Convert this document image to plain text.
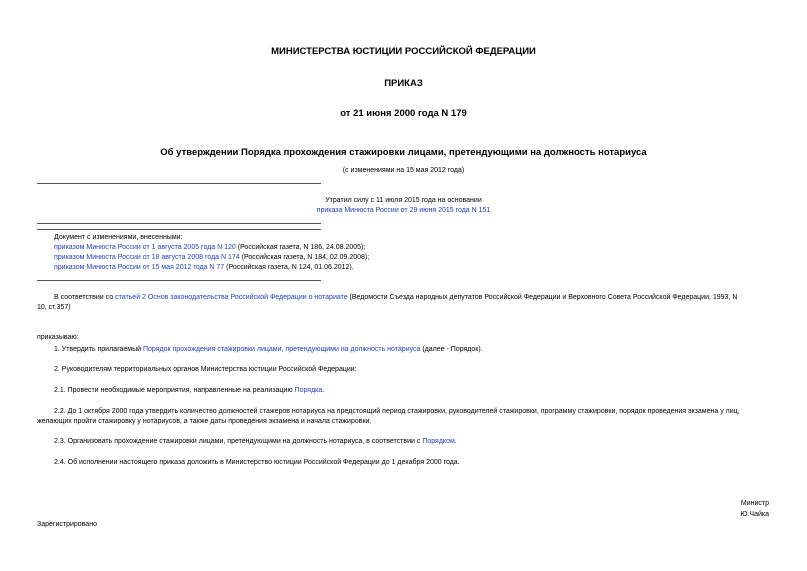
МИНИСТЕРСТВА ЮСТИЦИИ РОССИЙСКОЙ ФЕДЕРАЦИИ
ПРИКАЗ
от 21 июня 2000 года N 179
Об утверждении Порядка прохождения стажировки лицами, претендующими на должность нотариуса
(с изменениями на 15 мая 2012 года)
Утратил силу с 11 июля 2015 года на основании
приказа Минюста России от 29 июня 2015 года N 151
Документ с изменениями, внесенными:
приказом Минюста России от 1 августа 2005 года N 120 (Российская газета, N 186, 24.08.2005);
приказом Минюста России от 18 августа 2008 года N 174 (Российская газета, N 184, 02.09.2008);
приказом Минюста России от 15 мая 2012 года N 77 (Российская газета, N 124, 01.06.2012).
В соответствии со статьей 2 Основ законодательства Российской Федерации о нотариате (Ведомости Съезда народных депутатов Российской Федерации и Верховного Совета Российской Федерации, 1993, N
10, ст.357)
приказываю:
1. Утвердить прилагаемый Порядок прохождения стажировки лицами, претендующими на должность нотариуса (далее - Порядок).
2. Руководителям территориальных органов Министерства юстиции Российской Федерации:
2.1. Провести необходимые мероприятия, направленные на реализацию Порядка.
2.2. До 1 октября 2000 года утвердить количество должностей стажеров нотариуса на предстоящий период стажировки, руководителей стажировки, программу стажировки, порядок проведения экзамена у лиц,
желающих пройти стажировку у нотариусов, а также даты проведения экзамена и начала стажировки.
2.3. Организовать прохождение стажировки лицами, претендующими на должность нотариуса, в соответствии с Порядком.
2.4. Об исполнении настоящего приказа доложить в Министерство юстиции Российской Федерации до 1 декабря 2000 года.
Министр
Ю.Чайка
Зарегистрировано
